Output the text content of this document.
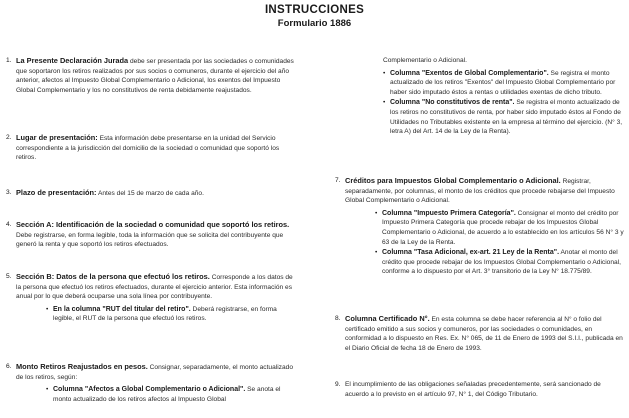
INSTRUCCIONES
Formulario 1886
1. La Presente Declaración Jurada debe ser presentada por las sociedades o comunidades que soportaron los retiros realizados por sus socios o comuneros, durante el ejercicio del año anterior, afectos al Impuesto Global Complementario o Adicional, los exentos del Impuesto Global Complementario y los no constitutivos de renta debidamente reajustados.
2. Lugar de presentación: Esta información debe presentarse en la unidad del Servicio correspondiente a la jurisdicción del domicilio de la sociedad o comunidad que soportó los retiros.
3. Plazo de presentación: Antes del 15 de marzo de cada año.
4. Sección A: Identificación de la sociedad o comunidad que soportó los retiros. Debe registrarse, en forma legible, toda la información que se solicita del contribuyente que generó la renta y que soportó los retiros efectuados.
5. Sección B: Datos de la persona que efectuó los retiros. Corresponde a los datos de la persona que efectuó los retiros efectuados, durante el ejercicio anterior. Esta información es anual por lo que deberá ocuparse una sola línea por contribuyente.
• En la columna "RUT del titular del retiro". Deberá registrarse, en forma legible, el RUT de la persona que efectuó los retiros.
6. Monto Retiros Reajustados en pesos. Consignar, separadamente, el monto actualizado de los retiros, según:
• Columna "Afectos a Global Complementario o Adicional". Se anota el monto actualizado de los retiros afectos al Impuesto Global
Complementario o Adicional.
• Columna "Exentos de Global Complementario". Se registra el monto actualizado de los retiros "Exentos" del Impuesto Global Complementario por haber sido imputado éstos a rentas o utilidades exentas de dicho tributo.
• Columna "No constitutivos de renta". Se registra el monto actualizado de los retiros no constitutivos de renta, por haber sido imputado éstos al Fondo de Utilidades no Tributables existente en la empresa al término del ejercicio. (N° 3, letra A) del Art. 14 de la Ley de la Renta).
7. Créditos para Impuestos Global Complementario o Adicional. Registrar, separadamente, por columnas, el monto de los créditos que procede rebajarse del Impuesto Global Complementario o Adicional.
• Columna "Impuesto Primera Categoría". Consignar el monto del crédito por Impuesto Primera Categoría que procede rebajar de los Impuestos Global Complementario o Adicional, de acuerdo a lo establecido en los artículos 56 N° 3 y 63 de la Ley de la Renta.
• Columna "Tasa Adicional, ex-art. 21 Ley de la Renta". Anotar el monto del crédito que procede rebajar de los Impuestos Global Complementario o Adicional, conforme a lo dispuesto por el Art. 3° transitorio de la Ley N° 18.775/89.
8. Columna Certificado N°. En esta columna se debe hacer referencia al N° o folio del certificado emitido a sus socios y comuneros, por las sociedades o comunidades, en conformidad a lo dispuesto en Res. Ex. N° 065, de 11 de Enero de 1993 del S.I.I., publicada en el Diario Oficial de fecha 18 de Enero de 1993.
9. El incumplimiento de las obligaciones señaladas precedentemente, será sancionado de acuerdo a lo previsto en el artículo 97, N° 1, del Código Tributario.
